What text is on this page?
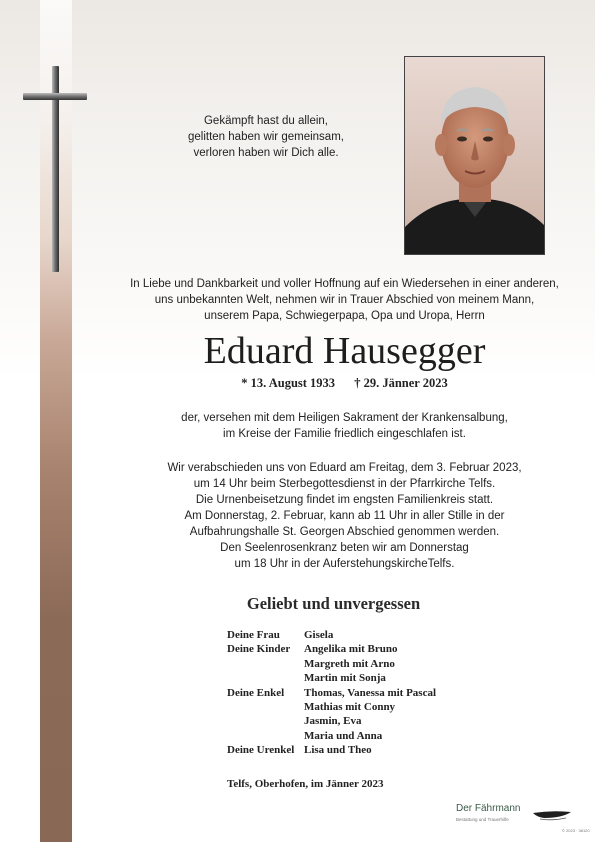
Gekämpft hast du allein,
gelitten haben wir gemeinsam,
verloren haben wir Dich alle.
In Liebe und Dankbarkeit und voller Hoffnung auf ein Wiedersehen in einer anderen,
uns unbekannten Welt, nehmen wir in Trauer Abschied von meinem Mann,
unserem Papa, Schwiegerpapa, Opa und Uropa, Herrn
Eduard Hausegger
* 13. August 1933 † 29. Jänner 2023
der, versehen mit dem Heiligen Sakrament der Krankensalbung,
im Kreise der Familie friedlich eingeschlafen ist.
Wir verabschieden uns von Eduard am Freitag, dem 3. Februar 2023,
um 14 Uhr beim Sterbegottesdienst in der Pfarrkirche Telfs.
Die Urnenbeisetzung findet im engsten Familienkreis statt.
Am Donnerstag, 2. Februar, kann ab 11 Uhr in aller Stille in der
Aufbahrungshalle St. Georgen Abschied genommen werden.
Den Seelenrosenkranz beten wir am Donnerstag
um 18 Uhr in der AuferstehungskircheTelfs.
Geliebt und unvergessen
Deine Frau	Gisela
Deine Kinder	Angelika mit Bruno
Margreth mit Arno
Martin mit Sonja
Deine Enkel	Thomas, Vanessa mit Pascal
Mathias mit Conny
Jasmin, Eva
Maria und Anna
Deine Urenkel Lisa und Theo
Telfs, Oberhofen, im Jänner 2023
Der Fährmann
Bestattung und Trauerhilfe
© 2023 · 38120
